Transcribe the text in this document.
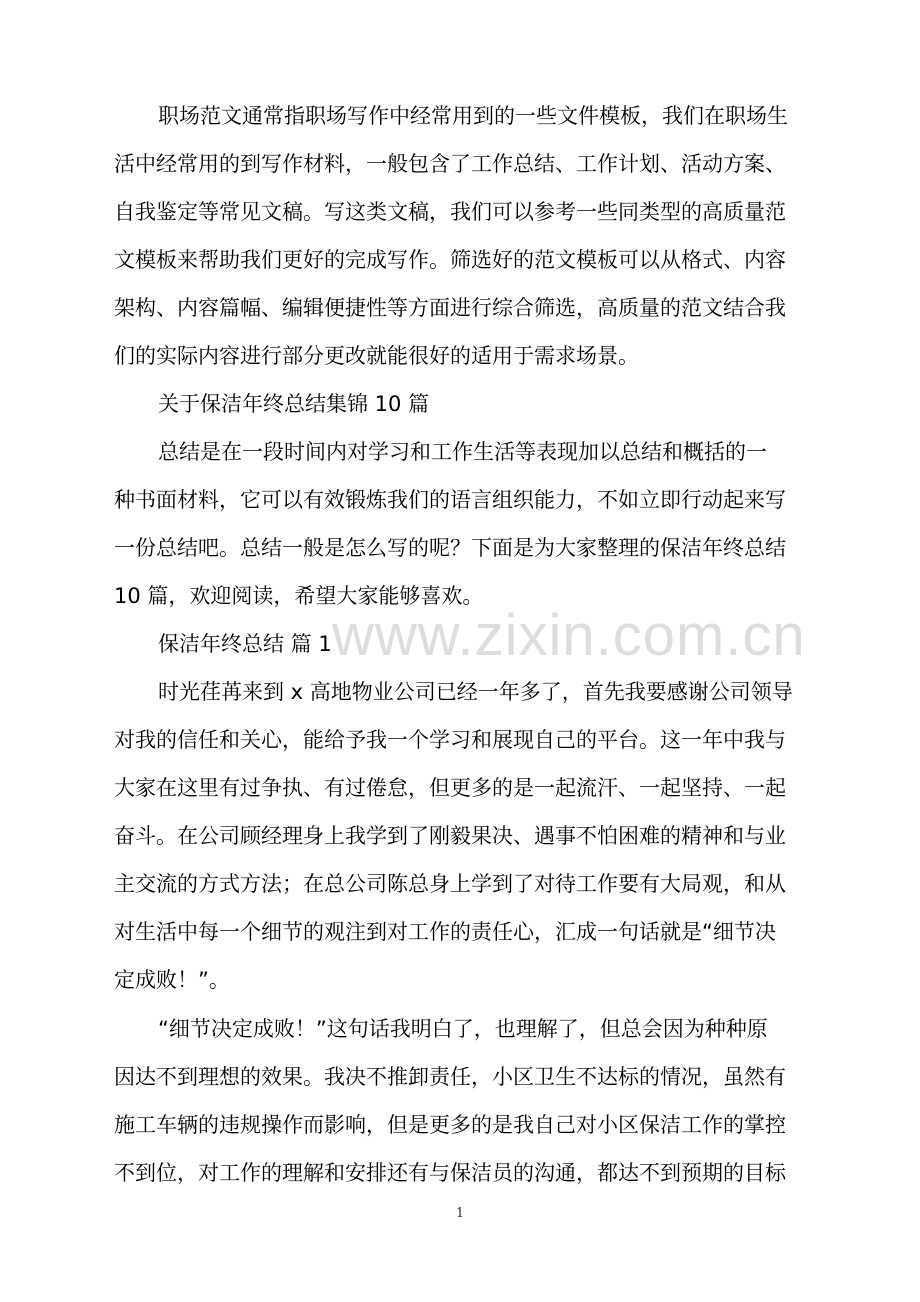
www.zixin.com.cn

职场范文通常指职场写作中经常用到的一些文件模板，我们在职场生

活中经常用的到写作材料，一般包含了工作总结、工作计划、活动方案、

自我鉴定等常见文稿。写这类文稿，我们可以参考一些同类型的高质量范

文模板来帮助我们更好的完成写作。筛选好的范文模板可以从格式、内容

架构、内容篇幅、编辑便捷性等方面进行综合筛选，高质量的范文结合我

们的实际内容进行部分更改就能很好的适用于需求场景。

关于保洁年终总结集锦 10 篇

总结是在一段时间内对学习和工作生活等表现加以总结和概括的一

种书面材料，它可以有效锻炼我们的语言组织能力，不如立即行动起来写

一份总结吧。总结一般是怎么写的呢？下面是为大家整理的保洁年终总结

10 篇，欢迎阅读，希望大家能够喜欢。

保洁年终总结 篇 1

时光荏苒来到 x 高地物业公司已经一年多了，首先我要感谢公司领导

对我的信任和关心，能给予我一个学习和展现自己的平台。这一年中我与

大家在这里有过争执、有过倦怠，但更多的是一起流汗、一起坚持、一起

奋斗。在公司顾经理身上我学到了刚毅果决、遇事不怕困难的精神和与业

主交流的方式方法；在总公司陈总身上学到了对待工作要有大局观，和从

对生活中每一个细节的观注到对工作的责任心，汇成一句话就是“细节决

定成败！”。

“细节决定成败！”这句话我明白了，也理解了，但总会因为种种原

因达不到理想的效果。我决不推卸责任，小区卫生不达标的情况，虽然有

施工车辆的违规操作而影响，但是更多的是我自己对小区保洁工作的掌控

不到位，对工作的理解和安排还有与保洁员的沟通，都达不到预期的目标

1
